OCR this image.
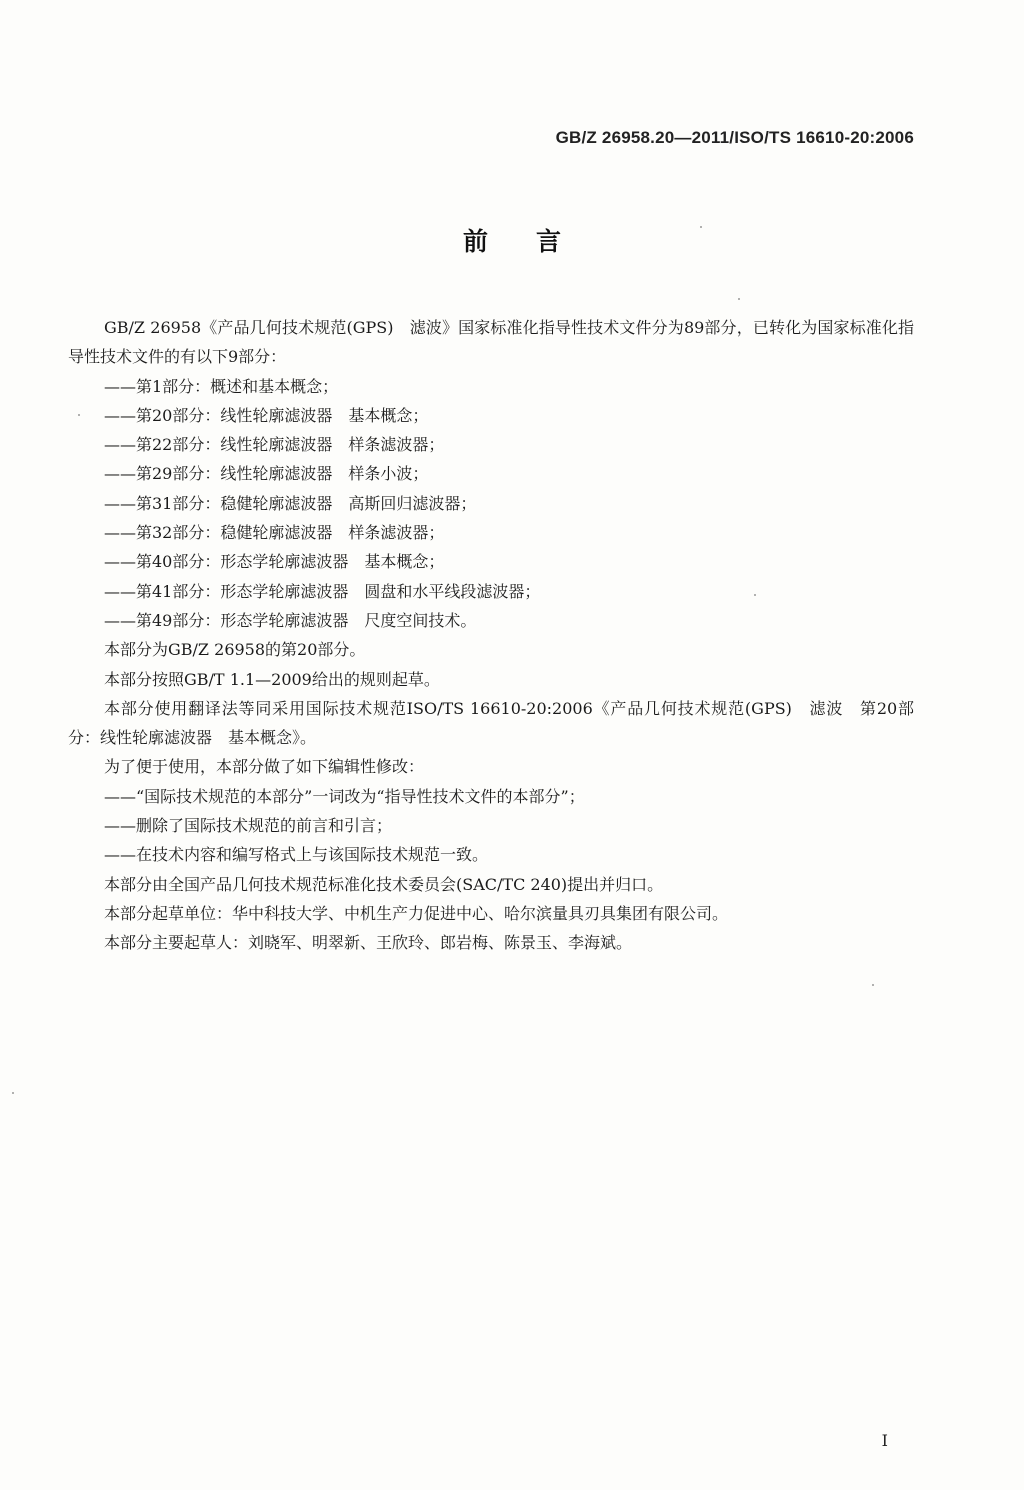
GB/Z 26958.20—2011/ISO/TS 16610-20:2006
前言

GB/Z 26958《产品几何技术规范(GPS)　滤波》国家标准化指导性技术文件分为89部分，已转化为国家标准化指导性技术文件的有以下9部分：

——第1部分：概述和基本概念；

——第20部分：线性轮廓滤波器　基本概念；

——第22部分：线性轮廓滤波器　样条滤波器；

——第29部分：线性轮廓滤波器　样条小波；

——第31部分：稳健轮廓滤波器　高斯回归滤波器；

——第32部分：稳健轮廓滤波器　样条滤波器；

——第40部分：形态学轮廓滤波器　基本概念；

——第41部分：形态学轮廓滤波器　圆盘和水平线段滤波器；

——第49部分：形态学轮廓滤波器　尺度空间技术。

本部分为GB/Z 26958的第20部分。

本部分按照GB/T 1.1—2009给出的规则起草。

本部分使用翻译法等同采用国际技术规范ISO/TS 16610-20:2006《产品几何技术规范(GPS)　滤波　第20部分：线性轮廓滤波器　基本概念》。

为了便于使用，本部分做了如下编辑性修改：

——“国际技术规范的本部分”一词改为“指导性技术文件的本部分”；

——删除了国际技术规范的前言和引言；

——在技术内容和编写格式上与该国际技术规范一致。

本部分由全国产品几何技术规范标准化技术委员会(SAC/TC 240)提出并归口。

本部分起草单位：华中科技大学、中机生产力促进中心、哈尔滨量具刃具集团有限公司。

本部分主要起草人：刘晓军、明翠新、王欣玲、郎岩梅、陈景玉、李海斌。

I
